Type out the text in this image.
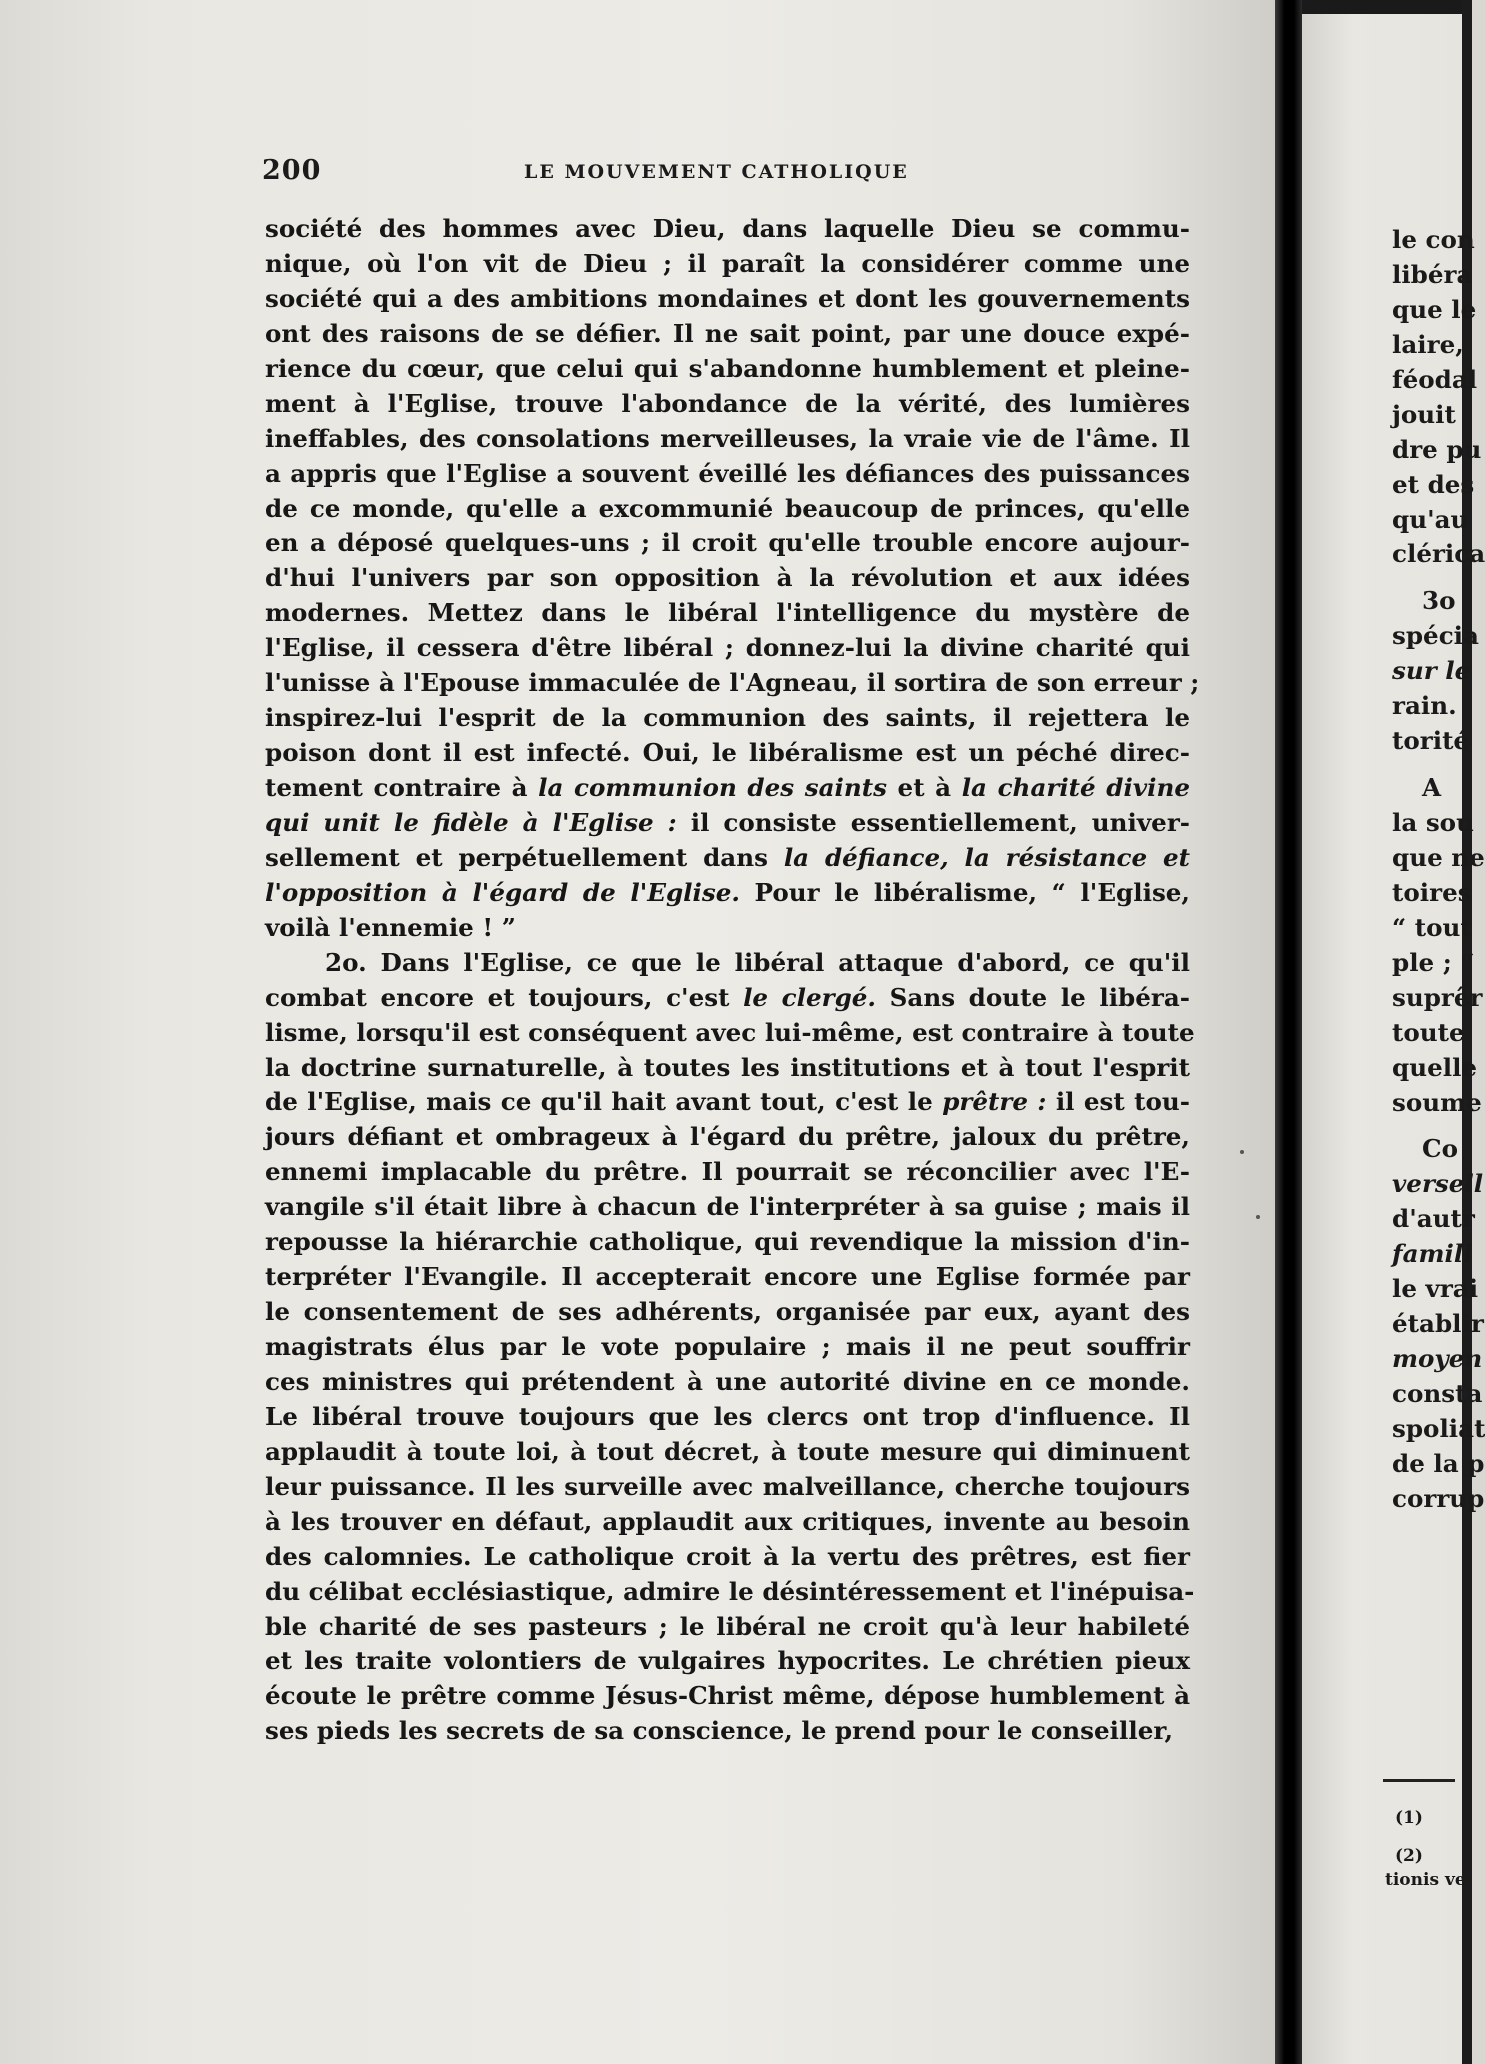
200	LE MOUVEMENT CATHOLIQUE
société des hommes avec Dieu, dans laquelle Dieu se commu-
nique, où l'on vit de Dieu ; il paraît la considérer comme une
société qui a des ambitions mondaines et dont les gouvernements
ont des raisons de se défier. Il ne sait point, par une douce expé-
rience du cœur, que celui qui s'abandonne humblement et pleine-
ment à l'Eglise, trouve l'abondance de la vérité, des lumières
ineffables, des consolations merveilleuses, la vraie vie de l'âme. Il
a appris que l'Eglise a souvent éveillé les défiances des puissances
de ce monde, qu'elle a excommunié beaucoup de princes, qu'elle
en a déposé quelques-uns ; il croit qu'elle trouble encore aujour-
d'hui l'univers par son opposition à la révolution et aux idées
modernes. Mettez dans le libéral l'intelligence du mystère de
l'Eglise, il cessera d'être libéral ; donnez-lui la divine charité qui
l'unisse à l'Epouse immaculée de l'Agneau, il sortira de son erreur ;
inspirez-lui l'esprit de la communion des saints, il rejettera le
poison dont il est infecté. Oui, le libéralisme est un péché direc-
tement contraire à la communion des saints et à la charité divine
qui unit le fidèle à l'Eglise : il consiste essentiellement, univer-
sellement et perpétuellement dans la défiance, la résistance et
l'opposition à l'égard de l'Eglise. Pour le libéralisme, “ l'Eglise,
voilà l'ennemie ! ”
2o. Dans l'Eglise, ce que le libéral attaque d'abord, ce qu'il
combat encore et toujours, c'est le clergé. Sans doute le libéra-
lisme, lorsqu'il est conséquent avec lui-même, est contraire à toute
la doctrine surnaturelle, à toutes les institutions et à tout l'esprit
de l'Eglise, mais ce qu'il hait avant tout, c'est le prêtre : il est tou-
jours défiant et ombrageux à l'égard du prêtre, jaloux du prêtre,
ennemi implacable du prêtre. Il pourrait se réconcilier avec l'E-
vangile s'il était libre à chacun de l'interpréter à sa guise ; mais il
repousse la hiérarchie catholique, qui revendique la mission d'in-
terpréter l'Evangile. Il accepterait encore une Eglise formée par
le consentement de ses adhérents, organisée par eux, ayant des
magistrats élus par le vote populaire ; mais il ne peut souffrir
ces ministres qui prétendent à une autorité divine en ce monde.
Le libéral trouve toujours que les clercs ont trop d'influence. Il
applaudit à toute loi, à tout décret, à toute mesure qui diminuent
leur puissance. Il les surveille avec malveillance, cherche toujours
à les trouver en défaut, applaudit aux critiques, invente au besoin
des calomnies. Le catholique croit à la vertu des prêtres, est fier
du célibat ecclésiastique, admire le désintéressement et l'inépuisa-
ble charité de ses pasteurs ; le libéral ne croit qu'à leur habileté
et les traite volontiers de vulgaires hypocrites. Le chrétien pieux
écoute le prêtre comme Jésus-Christ même, dépose humblement à
ses pieds les secrets de sa conscience, le prend pour le conseiller,
le con
libéra
que le
laire,
féodal
jouit
dre pu
et des
qu'au
clérica
3o
spécia
sur le
rain.
torité
A
la sou
que ne
toires
“ tout
ple ; “
suprêr
toute
quelle
soume
Co
versell
d'autr
famill
le vrai
établir
moyen
consta
spoliat
de la p
corrup
(1)
(2)
tionis ve
